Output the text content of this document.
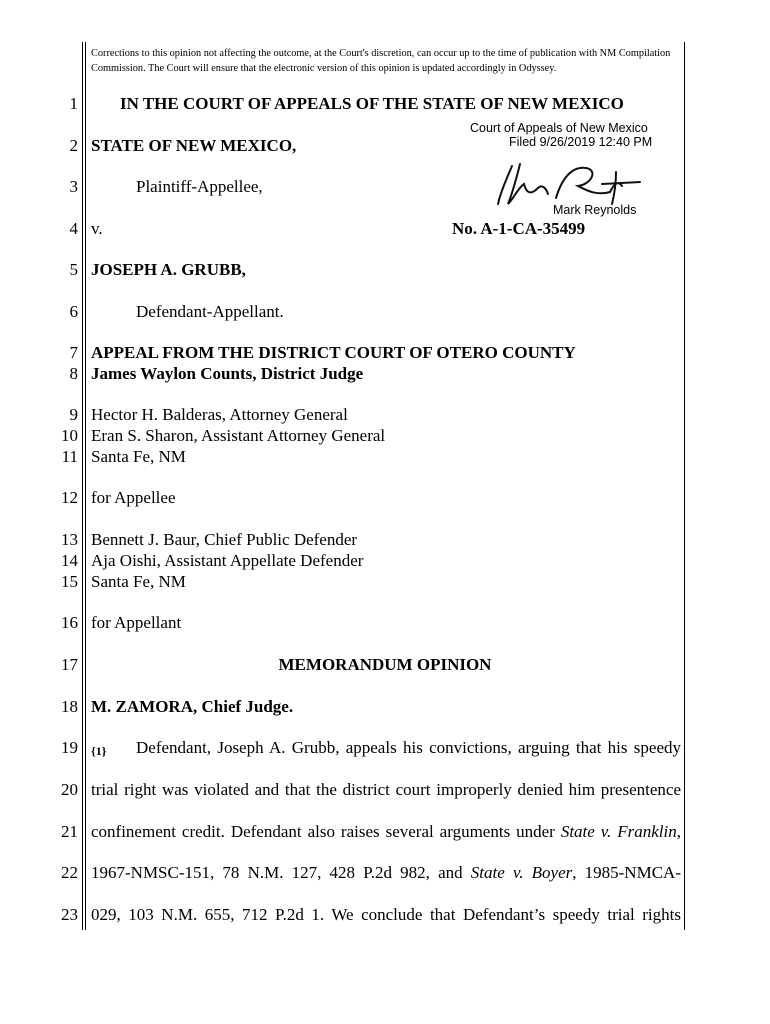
Corrections to this opinion not affecting the outcome, at the Court's discretion, can occur up to the time of publication with NM Compilation Commission. The Court will ensure that the electronic version of this opinion is updated accordingly in Odyssey.
1
2
3
4
5
6
7
8
9
10
11
12
13
14
15
16
17
18
19
20
21
22
23
IN THE COURT OF APPEALS OF THE STATE OF NEW MEXICO
Court of Appeals of New Mexico
Filed 9/26/2019 12:40 PM
Mark Reynolds
STATE OF NEW MEXICO,
Plaintiff-Appellee,
v.	No. A-1-CA-35499
JOSEPH A. GRUBB,
Defendant-Appellant.
APPEAL FROM THE DISTRICT COURT OF OTERO COUNTY
James Waylon Counts, District Judge
Hector H. Balderas, Attorney General
Eran S. Sharon, Assistant Attorney General
Santa Fe, NM
for Appellee
Bennett J. Baur, Chief Public Defender
Aja Oishi, Assistant Appellate Defender
Santa Fe, NM
for Appellant
MEMORANDUM OPINION
M. ZAMORA, Chief Judge.
{1} Defendant, Joseph A. Grubb, appeals his convictions, arguing that his speedy
trial right was violated and that the district court improperly denied him presentence
confinement credit. Defendant also raises several arguments under State v. Franklin,
1967-NMSC-151, 78 N.M. 127, 428 P.2d 982, and State v. Boyer, 1985-NMCA-
029, 103 N.M. 655, 712 P.2d 1. We conclude that Defendant’s speedy trial rights
